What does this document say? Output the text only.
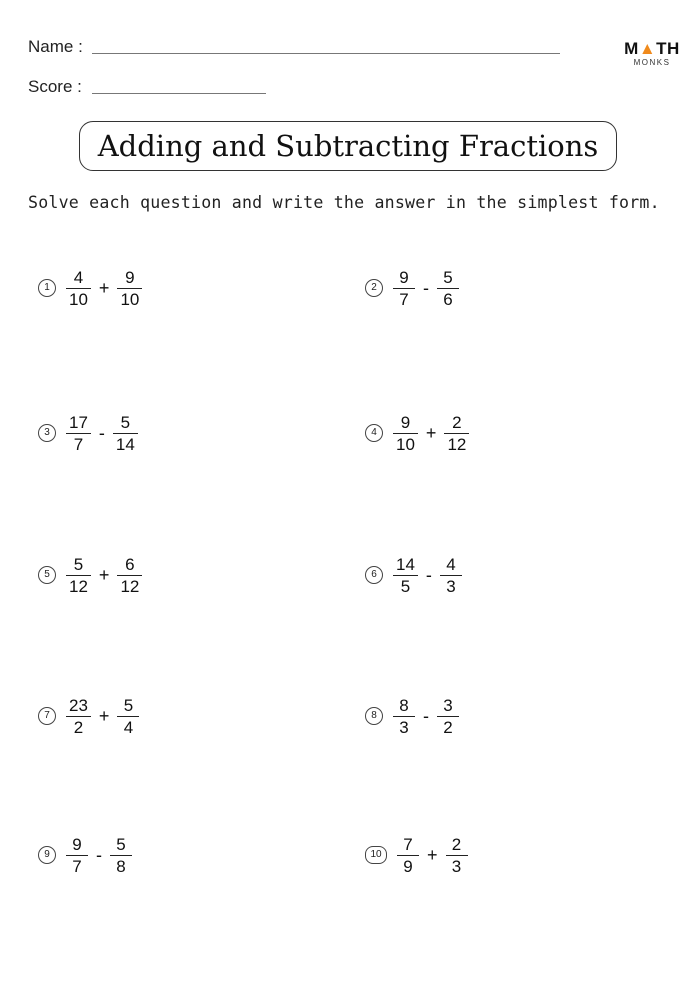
Name :
Score :
M▲TH
MONKS
Adding and Subtracting Fractions
Solve each question and write the answer in the simplest form.
$1 \frac{4}{10} + \frac{9}{10}$	$2 \frac{9}{7} - \frac{5}{6}$
$3 \frac{17}{7} - \frac{5}{14}$	$4 \frac{9}{10} + \frac{2}{12}$
$5 \frac{5}{12} + \frac{6}{12}$	$6 \frac{14}{5} - \frac{4}{3}$
$7 \frac{23}{2} + \frac{5}{4}$	$8 \frac{8}{3} - \frac{3}{2}$
$9 \frac{9}{7} - \frac{5}{8}$	$10 \frac{7}{9} + \frac{2}{3}$
